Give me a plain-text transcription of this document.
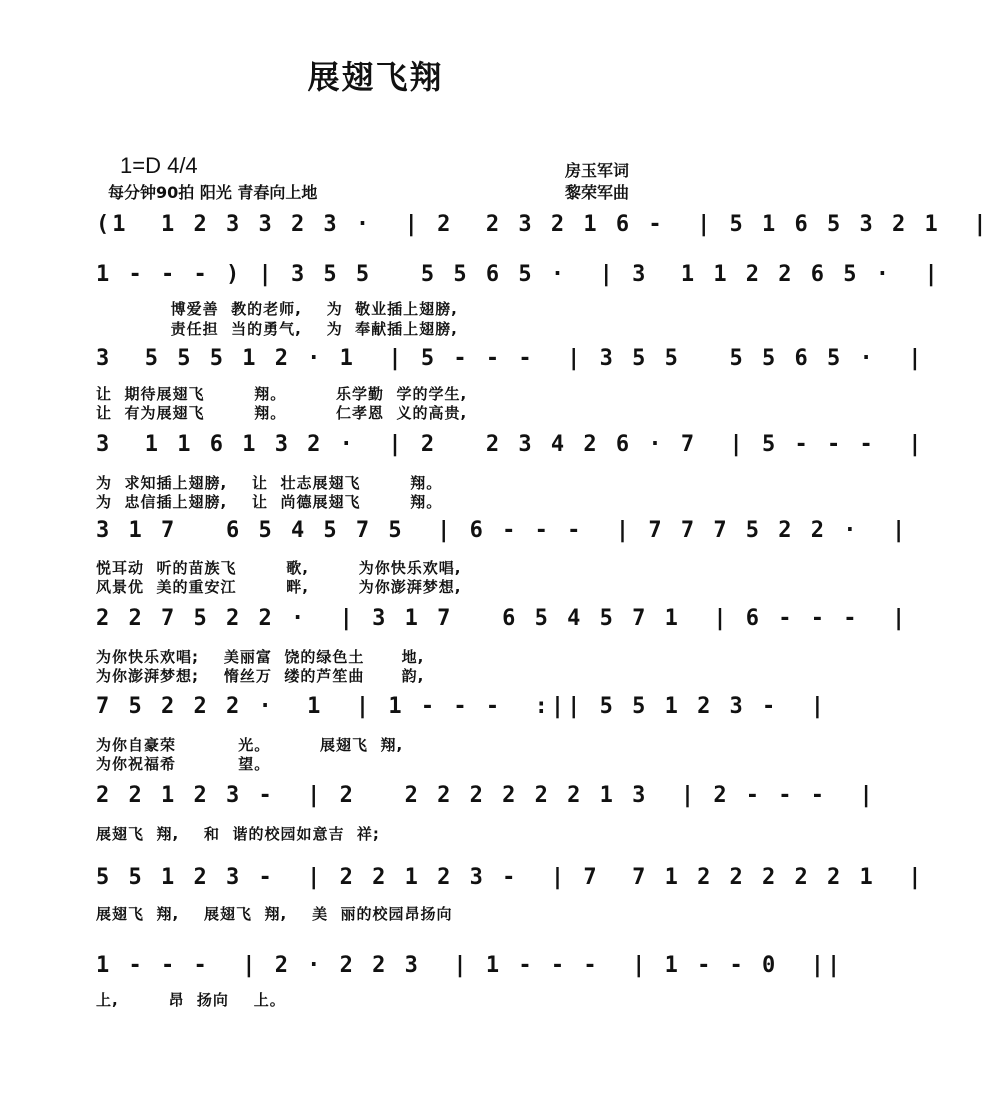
展翅飞翔
1=D 4/4
每分钟90拍 阳光 青春向上地
房玉军词
黎荣军曲
(1  1 2 3 3 2 3 ·  | 2  2 3 2 1 6 -  | 5 1 6 5 3 2 1  |
1 - - - ) | 3 5 5   5 5 6 5 ·  | 3  1 1 2 2 6 5 ·  |
博爱善  教的老师,    为  敬业插上翅膀,
责任担  当的勇气,    为  奉献插上翅膀,
3  5 5 5 1 2 · 1  | 5 - - -  | 3 5 5   5 5 6 5 ·  |
让  期待展翅飞        翔。        乐学勤  学的学生,
让  有为展翅飞        翔。        仁孝恩  义的高贵,
3  1 1 6 1 3 2 ·  | 2   2 3 4 2 6 · 7  | 5 - - -  |
为  求知插上翅膀,    让  壮志展翅飞        翔。
为  忠信插上翅膀,    让  尚德展翅飞        翔。
3 1 7   6 5 4 5 7 5  | 6 - - -  | 7 7 7 5 2 2 ·  |
悦耳动  听的苗族飞        歌,        为你快乐欢唱,
风景优  美的重安江        畔,        为你澎湃梦想,
2 2 7 5 2 2 ·  | 3 1 7   6 5 4 5 7 1  | 6 - - -  |
为你快乐欢唱;    美丽富  饶的绿色土      地,
为你澎湃梦想;    惰丝万  缕的芦笙曲      韵,
7 5 2 2 2 ·  1  | 1 - - -  :|| 5 5 1 2 3 -  |
为你自豪荣          光。        展翅飞  翔,
为你祝福希          望。
2 2 1 2 3 -  | 2   2 2 2 2 2 2 1 3  | 2 - - -  |
展翅飞  翔,    和  谐的校园如意吉  祥;
5 5 1 2 3 -  | 2 2 1 2 3 -  | 7  7 1 2 2 2 2 2 1  |
展翅飞  翔,    展翅飞  翔,    美  丽的校园昂扬向
1 - - -  | 2 · 2 2 3  | 1 - - -  | 1 - - 0  ||
上,        昂  扬向    上。
